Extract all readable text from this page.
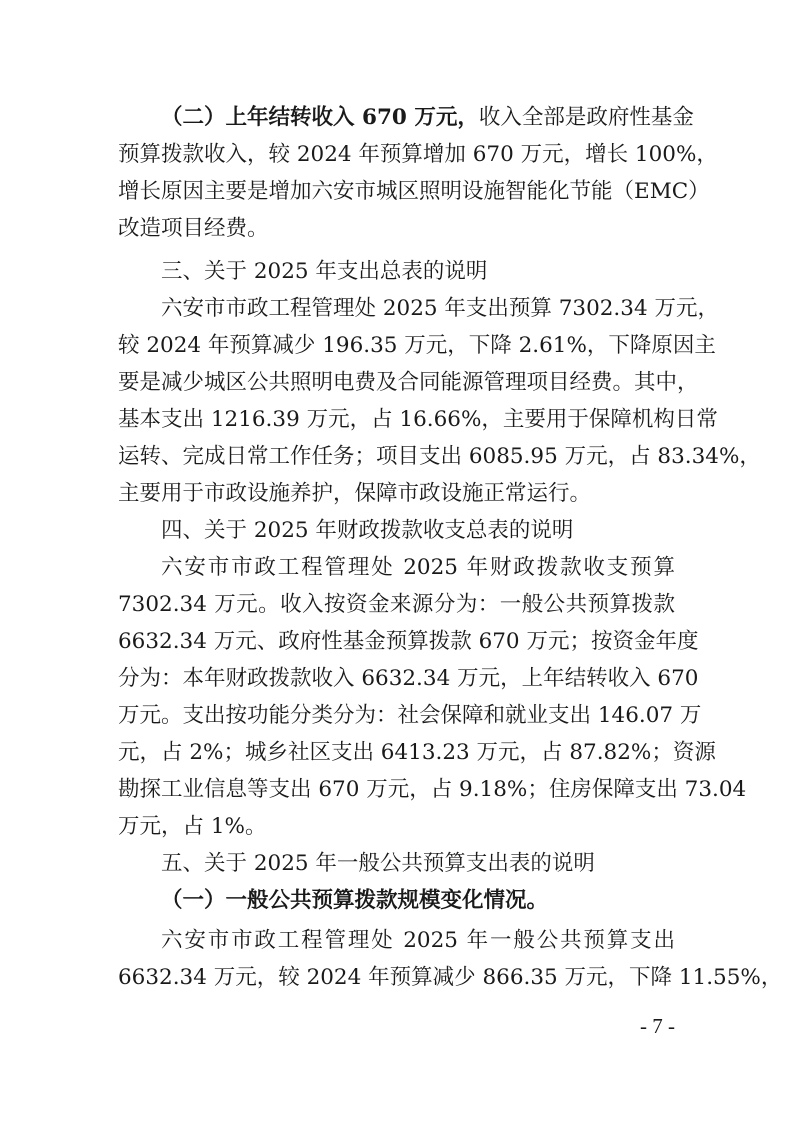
（二）上年结转收入 670 万元，收入全部是政府性基金
预算拨款收入，较 2024 年预算增加 670 万元，增长 100%，
增长原因主要是增加六安市城区照明设施智能化节能（EMC）
改造项目经费。
三、关于 2025 年支出总表的说明
六安市市政工程管理处 2025 年支出预算 7302.34 万元，
较 2024 年预算减少 196.35 万元，下降 2.61%，下降原因主
要是减少城区公共照明电费及合同能源管理项目经费。其中，
基本支出 1216.39 万元，占 16.66%，主要用于保障机构日常
运转、完成日常工作任务；项目支出 6085.95 万元，占 83.34%，
主要用于市政设施养护，保障市政设施正常运行。
四、关于 2025 年财政拨款收支总表的说明
六安市市政工程管理处 2025 年财政拨款收支预算
7302.34 万元。收入按资金来源分为：一般公共预算拨款
6632.34 万元、政府性基金预算拨款 670 万元；按资金年度
分为：本年财政拨款收入 6632.34 万元，上年结转收入 670
万元。支出按功能分类分为：社会保障和就业支出 146.07 万
元，占 2%；城乡社区支出 6413.23 万元，占 87.82%；资源
勘探工业信息等支出 670 万元，占 9.18%；住房保障支出 73.04
万元，占 1%。
五、关于 2025 年一般公共预算支出表的说明
（一）一般公共预算拨款规模变化情况。
六安市市政工程管理处 2025 年一般公共预算支出
6632.34 万元，较 2024 年预算减少 866.35 万元，下降 11.55%，
- 7 -
